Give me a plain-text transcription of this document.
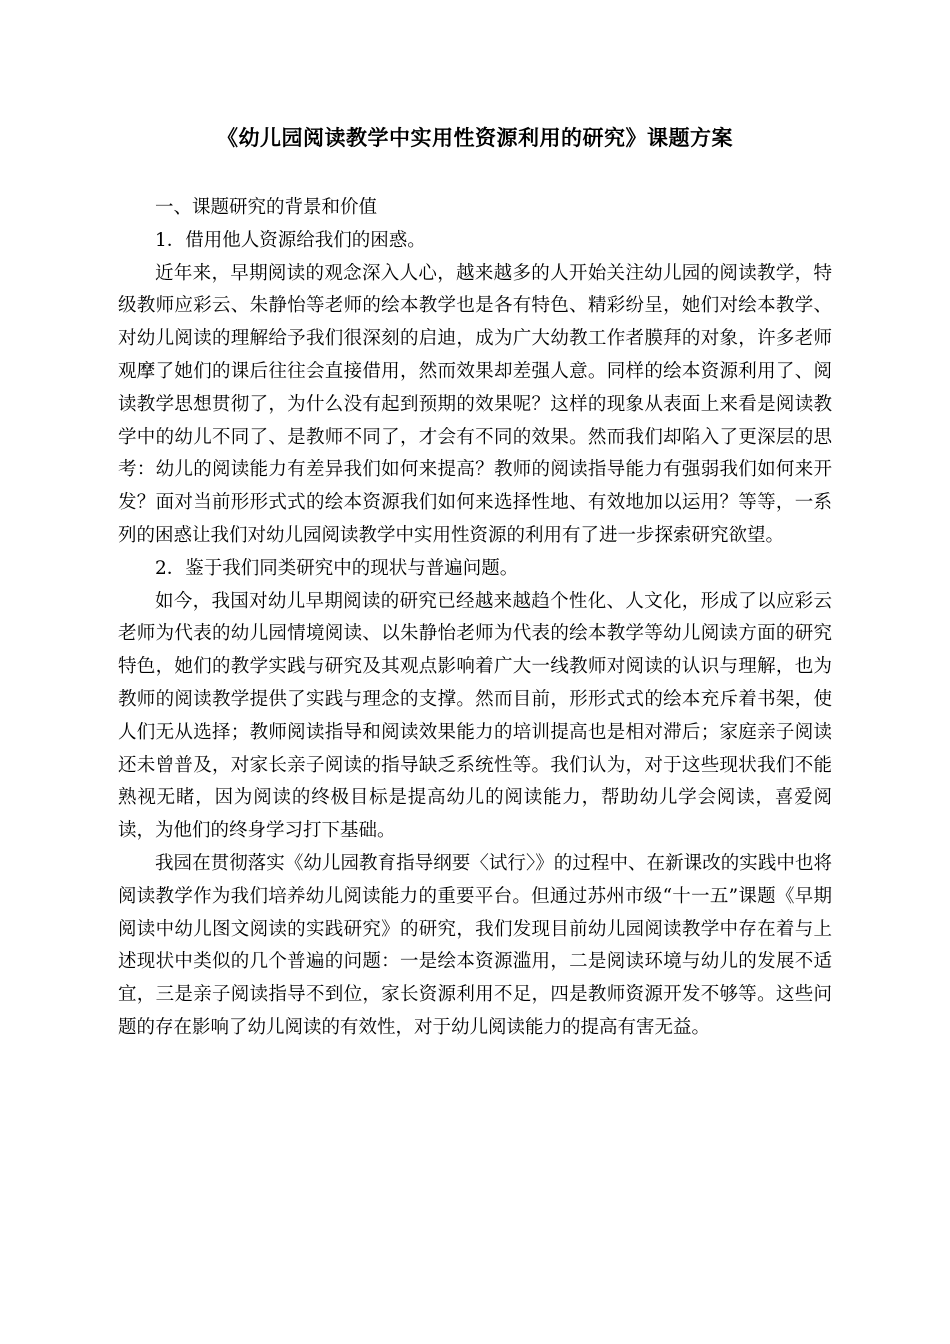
《幼儿园阅读教学中实用性资源利用的研究》课题方案

一、课题研究的背景和价值

1．借用他人资源给我们的困惑。

近年来，早期阅读的观念深入人心，越来越多的人开始关注幼儿园的阅读教学，特级教师应彩云、朱静怡等老师的绘本教学也是各有特色、精彩纷呈，她们对绘本教学、对幼儿阅读的理解给予我们很深刻的启迪，成为广大幼教工作者膜拜的对象，许多老师观摩了她们的课后往往会直接借用，然而效果却差强人意。同样的绘本资源利用了、阅读教学思想贯彻了，为什么没有起到预期的效果呢？这样的现象从表面上来看是阅读教学中的幼儿不同了、是教师不同了，才会有不同的效果。然而我们却陷入了更深层的思考：幼儿的阅读能力有差异我们如何来提高？教师的阅读指导能力有强弱我们如何来开发？面对当前形形式式的绘本资源我们如何来选择性地、有效地加以运用？等等，一系列的困惑让我们对幼儿园阅读教学中实用性资源的利用有了进一步探索研究欲望。

2．鉴于我们同类研究中的现状与普遍问题。

如今，我国对幼儿早期阅读的研究已经越来越趋个性化、人文化，形成了以应彩云老师为代表的幼儿园情境阅读、以朱静怡老师为代表的绘本教学等幼儿阅读方面的研究特色，她们的教学实践与研究及其观点影响着广大一线教师对阅读的认识与理解，也为教师的阅读教学提供了实践与理念的支撑。然而目前，形形式式的绘本充斥着书架，使人们无从选择；教师阅读指导和阅读效果能力的培训提高也是相对滞后；家庭亲子阅读还未曾普及，对家长亲子阅读的指导缺乏系统性等。我们认为，对于这些现状我们不能熟视无睹，因为阅读的终极目标是提高幼儿的阅读能力，帮助幼儿学会阅读，喜爱阅读，为他们的终身学习打下基础。

我园在贯彻落实《幼儿园教育指导纲要〈试行〉》的过程中、在新课改的实践中也将阅读教学作为我们培养幼儿阅读能力的重要平台。但通过苏州市级“十一五”课题《早期阅读中幼儿图文阅读的实践研究》的研究，我们发现目前幼儿园阅读教学中存在着与上述现状中类似的几个普遍的问题：一是绘本资源滥用，二是阅读环境与幼儿的发展不适宜，三是亲子阅读指导不到位，家长资源利用不足，四是教师资源开发不够等。这些问题的存在影响了幼儿阅读的有效性，对于幼儿阅读能力的提高有害无益。
